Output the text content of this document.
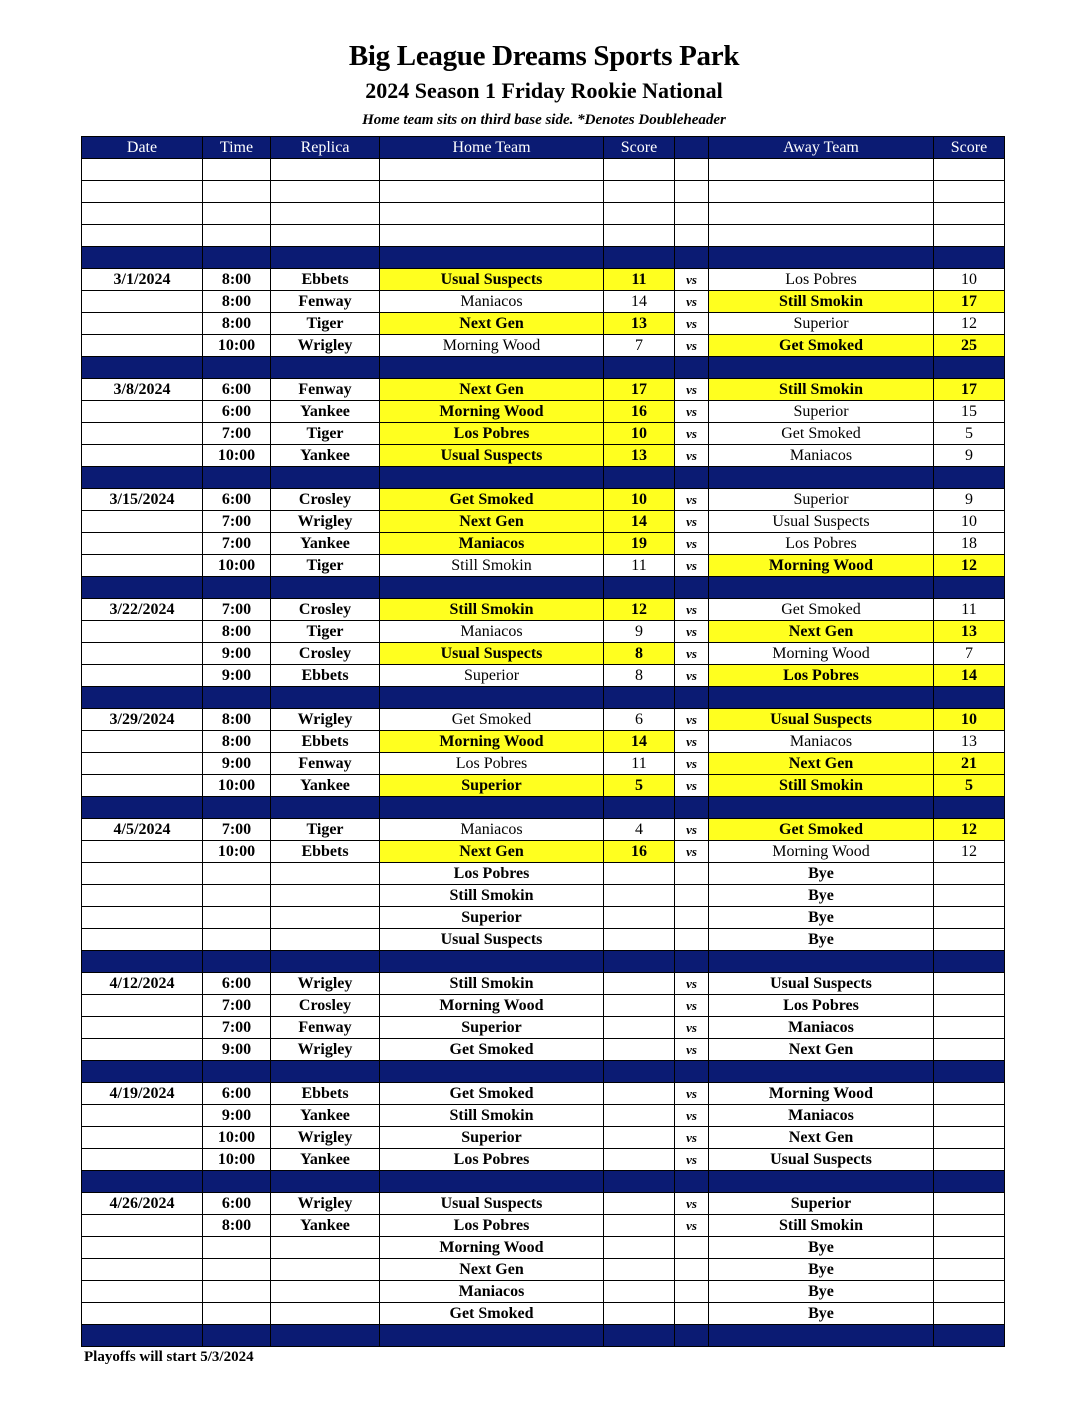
Big League Dreams Sports Park
2024 Season 1 Friday Rookie National

Home team sits on third base side. *Denotes Doubleheader

Date	Time	Replica	Home Team	Score		Away Team	Score

3/1/2024	8:00	Ebbets	Usual Suspects	11	vs	Los Pobres	10
	8:00	Fenway	Maniacos	14	vs	Still Smokin	17
	8:00	Tiger	Next Gen	13	vs	Superior	12
	10:00	Wrigley	Morning Wood	7	vs	Get Smoked	25

3/8/2024	6:00	Fenway	Next Gen	17	vs	Still Smokin	17
	6:00	Yankee	Morning Wood	16	vs	Superior	15
	7:00	Tiger	Los Pobres	10	vs	Get Smoked	5
	10:00	Yankee	Usual Suspects	13	vs	Maniacos	9

3/15/2024	6:00	Crosley	Get Smoked	10	vs	Superior	9
	7:00	Wrigley	Next Gen	14	vs	Usual Suspects	10
	7:00	Yankee	Maniacos	19	vs	Los Pobres	18
	10:00	Tiger	Still Smokin	11	vs	Morning Wood	12

3/22/2024	7:00	Crosley	Still Smokin	12	vs	Get Smoked	11
	8:00	Tiger	Maniacos	9	vs	Next Gen	13
	9:00	Crosley	Usual Suspects	8	vs	Morning Wood	7
	9:00	Ebbets	Superior	8	vs	Los Pobres	14

3/29/2024	8:00	Wrigley	Get Smoked	6	vs	Usual Suspects	10
	8:00	Ebbets	Morning Wood	14	vs	Maniacos	13
	9:00	Fenway	Los Pobres	11	vs	Next Gen	21
	10:00	Yankee	Superior	5	vs	Still Smokin	5

4/5/2024	7:00	Tiger	Maniacos	4	vs	Get Smoked	12
	10:00	Ebbets	Next Gen	16	vs	Morning Wood	12
			Los Pobres			Bye	
			Still Smokin			Bye	
			Superior			Bye	
			Usual Suspects			Bye	

4/12/2024	6:00	Wrigley	Still Smokin		vs	Usual Suspects	
	7:00	Crosley	Morning Wood		vs	Los Pobres	
	7:00	Fenway	Superior		vs	Maniacos	
	9:00	Wrigley	Get Smoked		vs	Next Gen	

4/19/2024	6:00	Ebbets	Get Smoked		vs	Morning Wood	
	9:00	Yankee	Still Smokin		vs	Maniacos	
	10:00	Wrigley	Superior		vs	Next Gen	
	10:00	Yankee	Los Pobres		vs	Usual Suspects	

4/26/2024	6:00	Wrigley	Usual Suspects		vs	Superior	
	8:00	Yankee	Los Pobres		vs	Still Smokin	
			Morning Wood			Bye	
			Next Gen			Bye	
			Maniacos			Bye	
			Get Smoked			Bye	

Playoffs will start 5/3/2024
